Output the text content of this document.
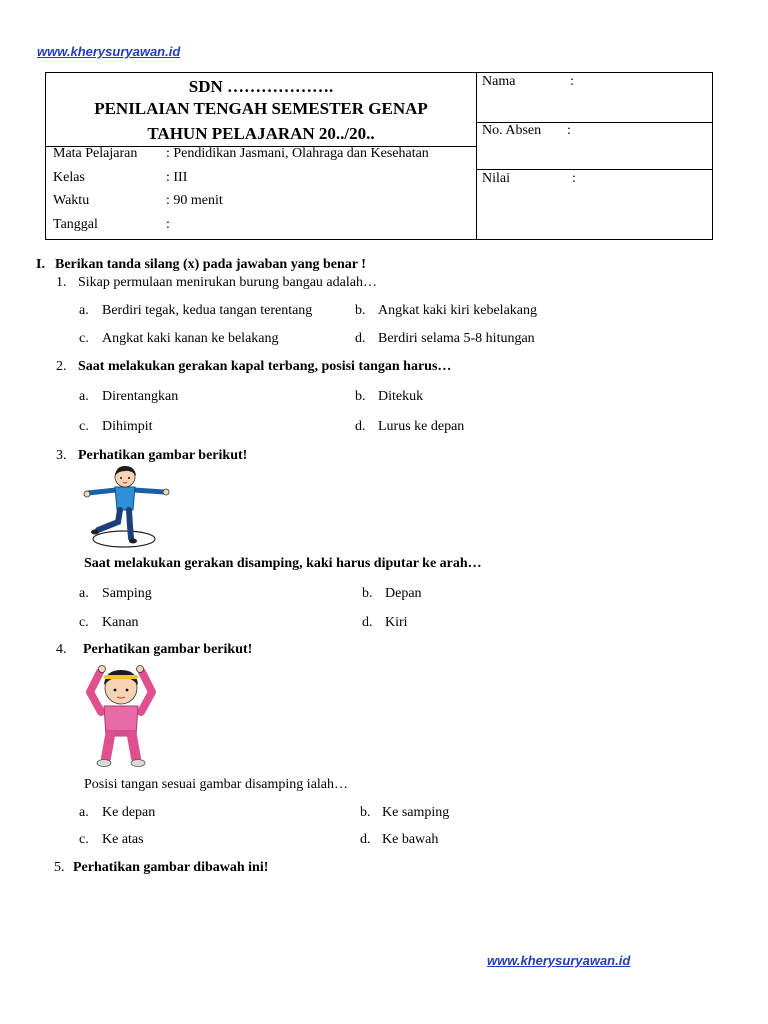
www.kherysuryawan.id
SDN ……………….
PENILAIAN TENGAH SEMESTER GENAP
TAHUN PELAJARAN 20../20..
Mata Pelajaran : Pendidikan Jasmani, Olahraga dan Kesehatan
Kelas	: III
Waktu	: 90 menit
Tanggal	:
Nama	:
No. Absen :
Nilai	:
I. Berikan tanda silang (x) pada jawaban yang benar !
1. Sikap permulaan menirukan burung bangau adalah…
a. Berdiri tegak, kedua tangan terentang	b. Angkat kaki kiri kebelakang
c. Angkat kaki kanan ke belakang	d. Berdiri selama 5-8 hitungan
2. Saat melakukan gerakan kapal terbang, posisi tangan harus…
a. Direntangkan	b. Ditekuk
c. Dihimpit	d. Lurus ke depan
3. Perhatikan gambar berikut!
Saat melakukan gerakan disamping, kaki harus diputar ke arah…
a. Samping	b. Depan
c. Kanan	d. Kiri
4. Perhatikan gambar berikut!
Posisi tangan sesuai gambar disamping ialah…
a. Ke depan	b. Ke samping
c. Ke atas	d. Ke bawah
5. Perhatikan gambar dibawah ini!
www.kherysuryawan.id
